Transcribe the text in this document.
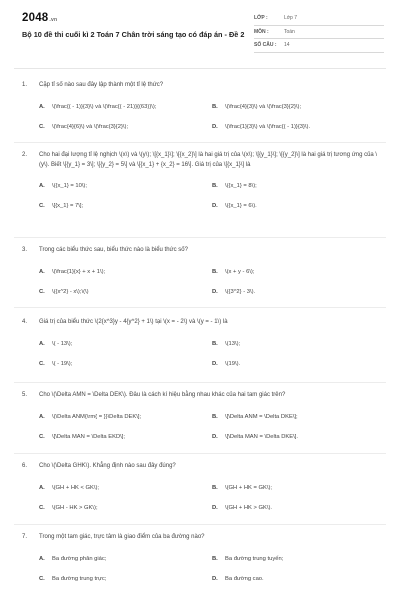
2048.vn
Bộ 10 đề thi cuối kì 2 Toán 7 Chân trời sáng tạo có đáp án - Đề 2
LỚP :	Lớp 7
MÔN :	Toán
SỐ CÂU :	14
1.	Cặp tỉ số nào sau đây lập thành một tỉ lệ thức?
A.	\(\frac{( - 1)}{3}\) và \(\frac{( - 21)}{(63)}\);	B.	\(\frac{4}{3}\) và \(\frac{3}{2}\);
C.	\(\frac{4}{6}\) và \(\frac{3}{2}\);	D.	\(\frac{1}{3}\) và \(\frac{( - 1)}{3}\).
2.	Cho hai đại lượng tỉ lệ nghịch \(x\) và \(y\); \[{x_1}\]; \[{x_2}\] là hai giá trị của \(x\); \[{y_1}\]; \[{y_2}\] là hai giá trị tương ứng của \(y\). Biết \[{y_1} = 3\]; \[{y_2} = 5\] và \[{x_1} + {x_2} = 16\]. Giá trị của \[{x_1}\] là
A.	\({x_1} = 10\);	B.	\({x_1} = 8\);
C.	\[{x_1} = 7\];	D.	\({x_1} = 6\).
3.	Trong các biểu thức sau, biểu thức nào là biểu thức số?
A.	\(\frac{1}{x} + x + 1\);	B.	\(x + y - 6\);
C.	\({x^2} - x\);\(\)	D.	\({3^2} - 3\).
4.	Giá trị của biểu thức \(2{x^3}y - 4{y^2} + 1\) tại \(x = - 2\) và \(y = - 1\) là
A.	\( - 13\);	B.	\(13\);
C.	\( - 19\);	D.	\(19\).
5.	Cho \(\Delta AMN = \Delta DEK\). Đâu là cách kí hiệu bằng nhau khác của hai tam giác trên?
A.	\(\Delta ANM{\rm{ = }}\Delta DEK\];	B.	\[\Delta ANM = \Delta DKE\];
C.	\[\Delta MAN = \Delta EKD\];	D.	\[\Delta MAN = \Delta DKE\].
6.	Cho \(\Delta GHK\). Khẳng định nào sau đây đúng?
A.	\(GH + HK < GK\);	B.	\(GH + HK = GK\);
C.	\(GH - HK > GK\);	D.	\(GH + HK > GK\).
7.	Trong một tam giác, trực tâm là giao điểm của ba đường nào?
A.	Ba đường phân giác;	B.	Ba đường trung tuyến;
C.	Ba đường trung trực;	D.	Ba đường cao.
